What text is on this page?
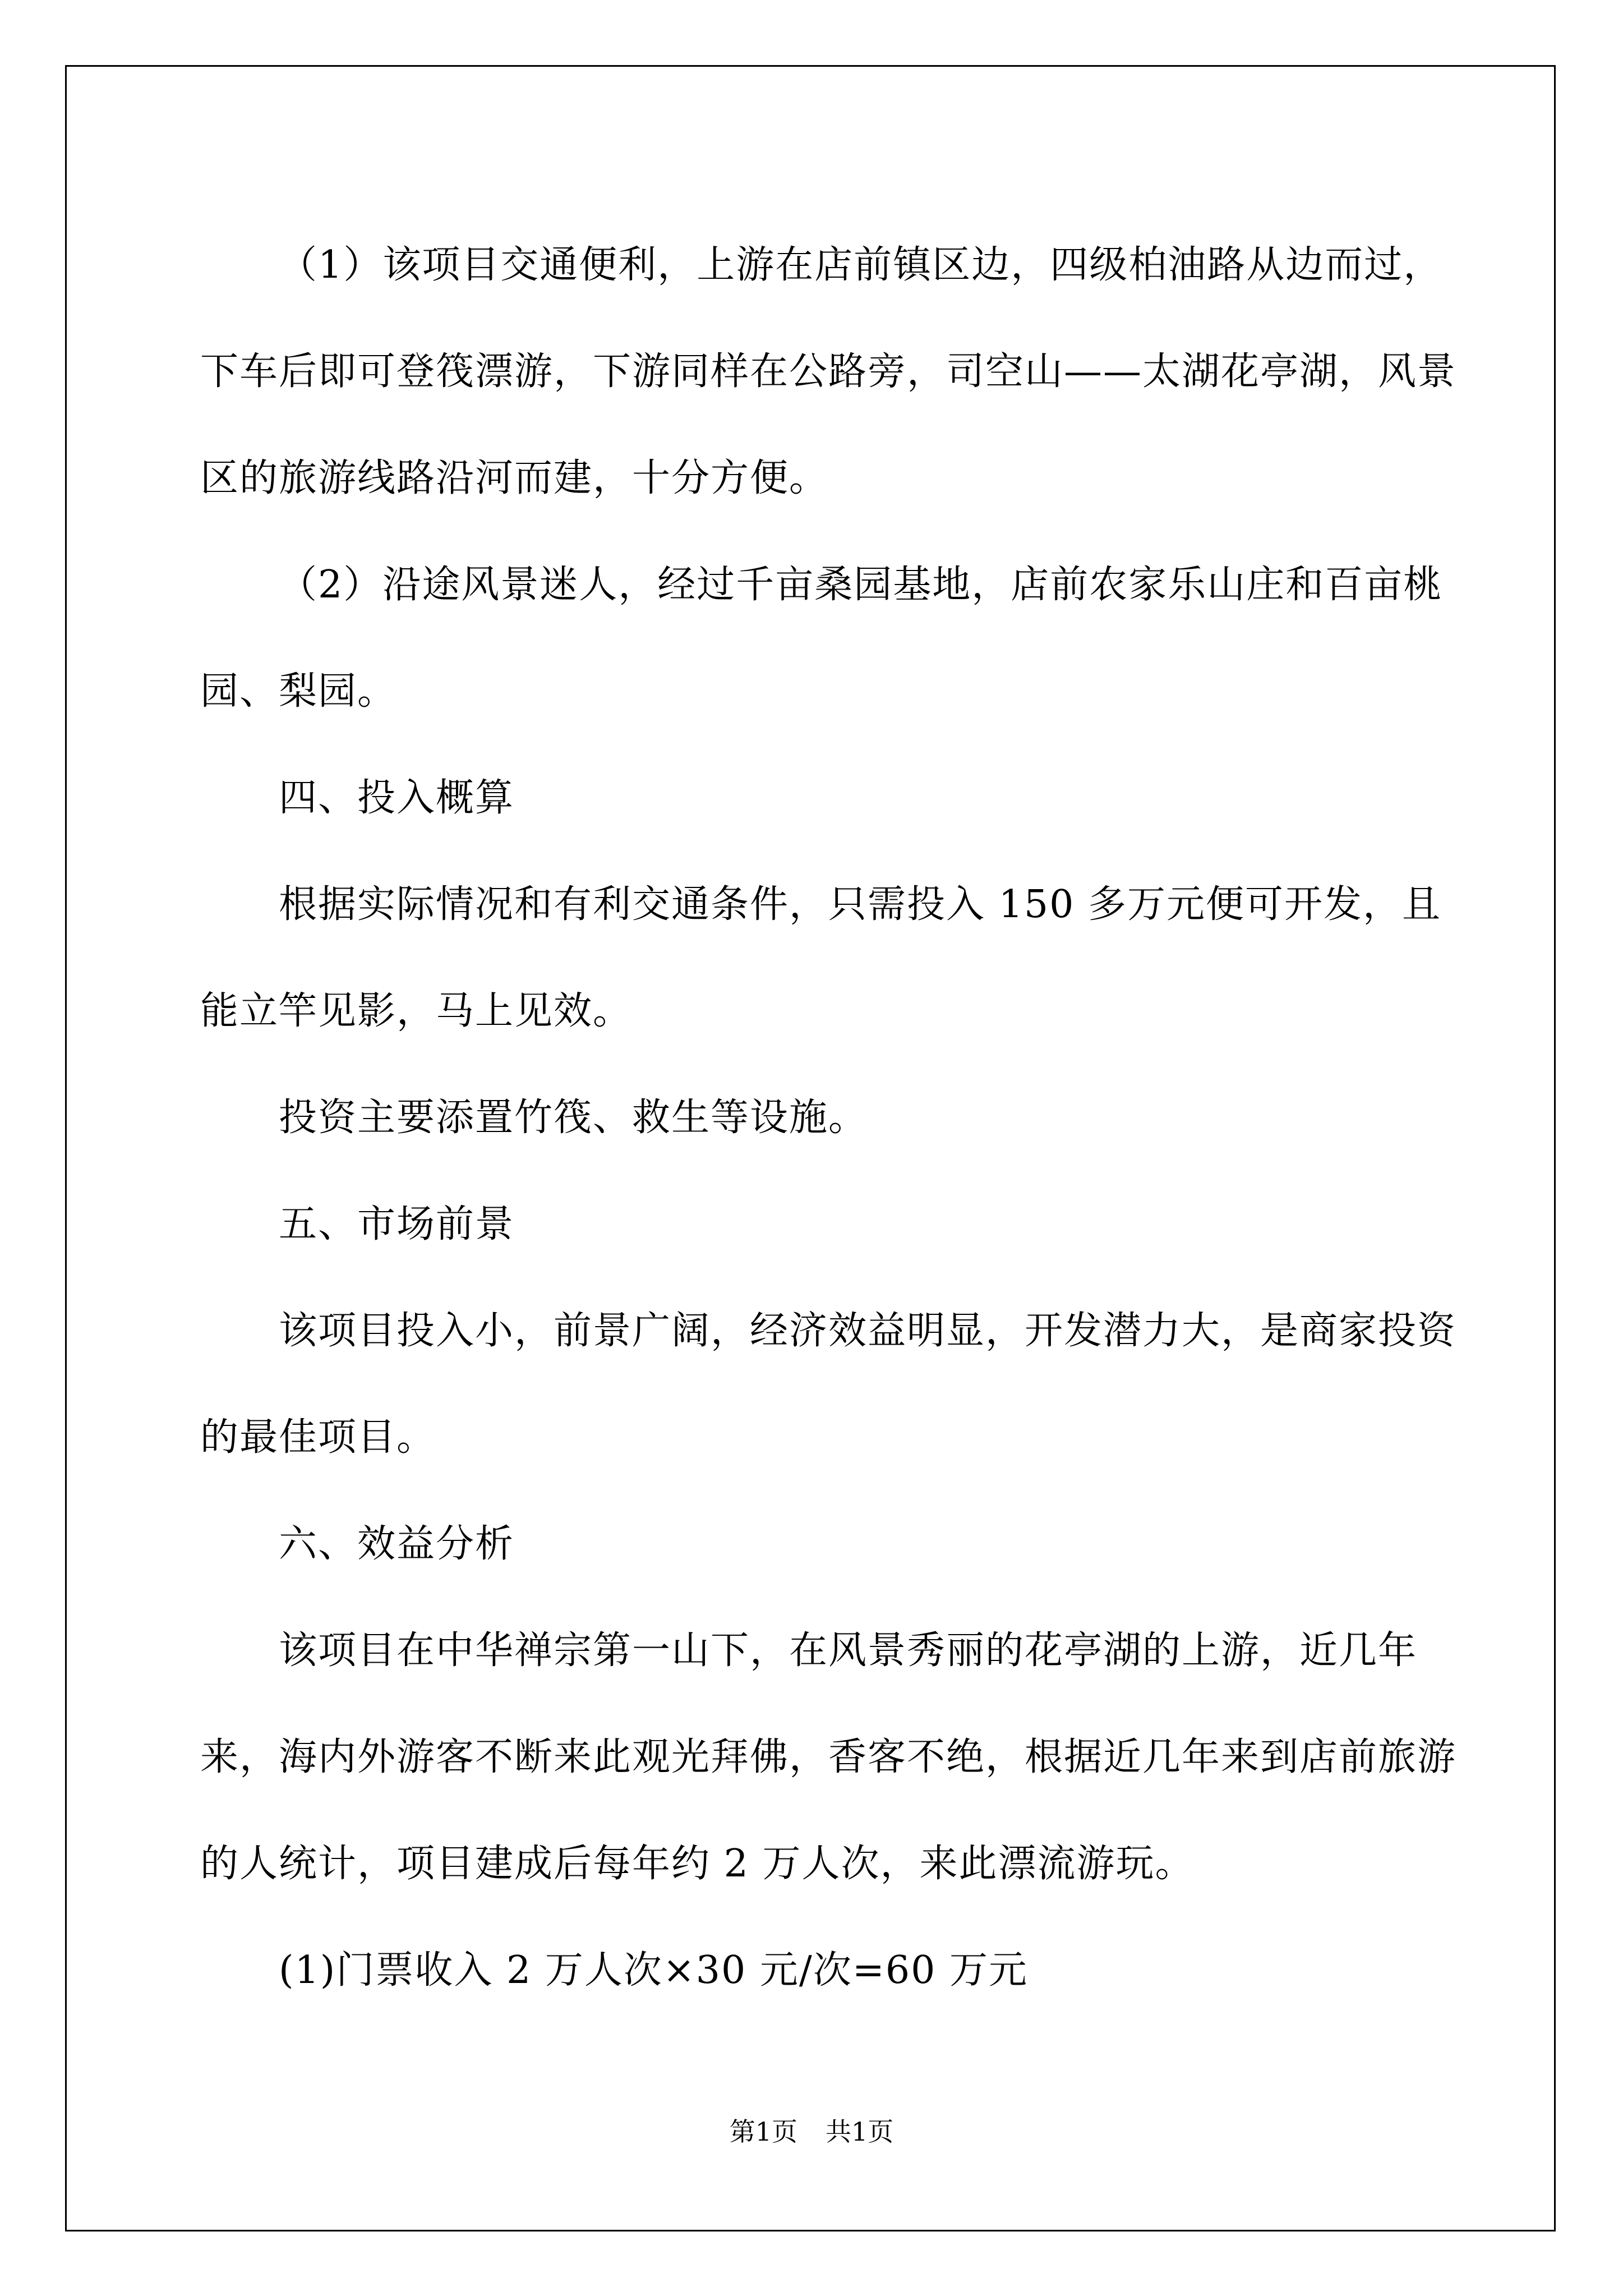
（1）该项目交通便利，上游在店前镇区边，四级柏油路从边而过，下车后即可登筏漂游，下游同样在公路旁，司空山——太湖花亭湖，风景区的旅游线路沿河而建，十分方便。

（2）沿途风景迷人，经过千亩桑园基地，店前农家乐山庄和百亩桃园、梨园。

四、投入概算

根据实际情况和有利交通条件，只需投入 150 多万元便可开发，且能立竿见影，马上见效。

投资主要添置竹筏、救生等设施。

五、市场前景

该项目投入小，前景广阔，经济效益明显，开发潜力大，是商家投资的最佳项目。

六、效益分析

该项目在中华禅宗第一山下，在风景秀丽的花亭湖的上游，近几年来，海内外游客不断来此观光拜佛，香客不绝，根据近几年来到店前旅游的人统计，项目建成后每年约 2 万人次，来此漂流游玩。

(1)门票收入 2 万人次×30 元/次=60 万元

第1页 共1页
